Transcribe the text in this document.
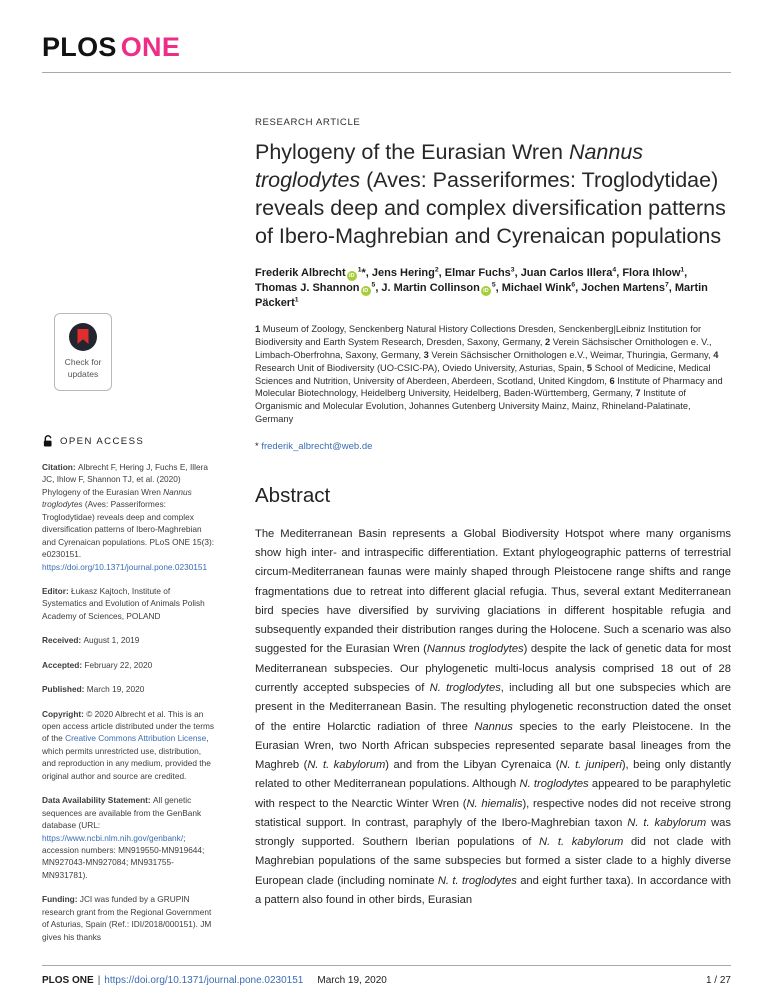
PLOS ONE
Check for
updates
OPEN ACCESS

Citation: Albrecht F, Hering J, Fuchs E, Illera JC, Ihlow F, Shannon TJ, et al. (2020) Phylogeny of the Eurasian Wren Nannus troglodytes (Aves: Passeriformes: Troglodytidae) reveals deep and complex diversification patterns of Ibero-Maghrebian and Cyrenaican populations. PLoS ONE 15(3): e0230151. https://doi.org/10.1371/journal.pone.0230151

Editor: Łukasz Kajtoch, Institute of Systematics and Evolution of Animals Polish Academy of Sciences, POLAND

Received: August 1, 2019

Accepted: February 22, 2020

Published: March 19, 2020

Copyright: © 2020 Albrecht et al. This is an open access article distributed under the terms of the Creative Commons Attribution License, which permits unrestricted use, distribution, and reproduction in any medium, provided the original author and source are credited.

Data Availability Statement: All genetic sequences are available from the GenBank database (URL: https://www.ncbi.nlm.nih.gov/genbank/; accession numbers: MN919550-MN919644; MN927043-MN927084; MN931755-MN931781).

Funding: JCI was funded by a GRUPIN research grant from the Regional Government of Asturias, Spain (Ref.: IDI/2018/000151). JM gives his thanks

RESEARCH ARTICLE
Phylogeny of the Eurasian Wren Nannus troglodytes (Aves: Passeriformes: Troglodytidae) reveals deep and complex diversification patterns of Ibero-Maghrebian and Cyrenaican populations

Frederik Albrecht $iD^1*$, Jens Hering$^2$, Elmar Fuchs$^3$, Juan Carlos Illera$^4$, Flora Ihlow$^1$, Thomas J. Shannon $iD^5$, J. Martin Collinson $iD^5$, Michael Wink$^6$, Jochen Martens$^7$, Martin Päckert$^1$

1 Museum of Zoology, Senckenberg Natural History Collections Dresden, Senckenberg|Leibniz Institution for Biodiversity and Earth System Research, Dresden, Saxony, Germany, 2 Verein Sächsischer Ornithologen e. V., Limbach-Oberfrohna, Saxony, Germany, 3 Verein Sächsischer Ornithologen e.V., Weimar, Thuringia, Germany, 4 Research Unit of Biodiversity (UO-CSIC-PA), Oviedo University, Asturias, Spain, 5 School of Medicine, Medical Sciences and Nutrition, University of Aberdeen, Aberdeen, Scotland, United Kingdom, 6 Institute of Pharmacy and Molecular Biotechnology, Heidelberg University, Heidelberg, Baden-Württemberg, Germany, 7 Institute of Organismic and Molecular Evolution, Johannes Gutenberg University Mainz, Mainz, Rhineland-Palatinate, Germany

* frederik_albrecht@web.de

Abstract

The Mediterranean Basin represents a Global Biodiversity Hotspot where many organisms show high inter- and intraspecific differentiation. Extant phylogeographic patterns of terrestrial circum-Mediterranean faunas were mainly shaped through Pleistocene range shifts and range fragmentations due to retreat into different glacial refugia. Thus, several extant Mediterranean bird species have diversified by surviving glaciations in different hospitable refugia and subsequently expanded their distribution ranges during the Holocene. Such a scenario was also suggested for the Eurasian Wren (Nannus troglodytes) despite the lack of genetic data for most Mediterranean subspecies. Our phylogenetic multi-locus analysis comprised 18 out of 28 currently accepted subspecies of N. troglodytes, including all but one subspecies which are present in the Mediterranean Basin. The resulting phylogenetic reconstruction dated the onset of the entire Holarctic radiation of three Nannus species to the early Pleistocene. In the Eurasian Wren, two North African subspecies represented separate basal lineages from the Maghreb (N. t. kabylorum) and from the Libyan Cyrenaica (N. t. juniperi), being only distantly related to other Mediterranean populations. Although N. troglodytes appeared to be paraphyletic with respect to the Nearctic Winter Wren (N. hiemalis), respective nodes did not receive strong statistical support. In contrast, paraphyly of the Ibero-Maghrebian taxon N. t. kabylorum was strongly supported. Southern Iberian populations of N. t. kabylorum did not clade with Maghrebian populations of the same subspecies but formed a sister clade to a highly diverse European clade (including nominate N. t. troglodytes and eight further taxa). In accordance with a pattern also found in other birds, Eurasian

PLOS ONE | https://doi.org/10.1371/journal.pone.0230151 March 19, 2020	1 / 27
